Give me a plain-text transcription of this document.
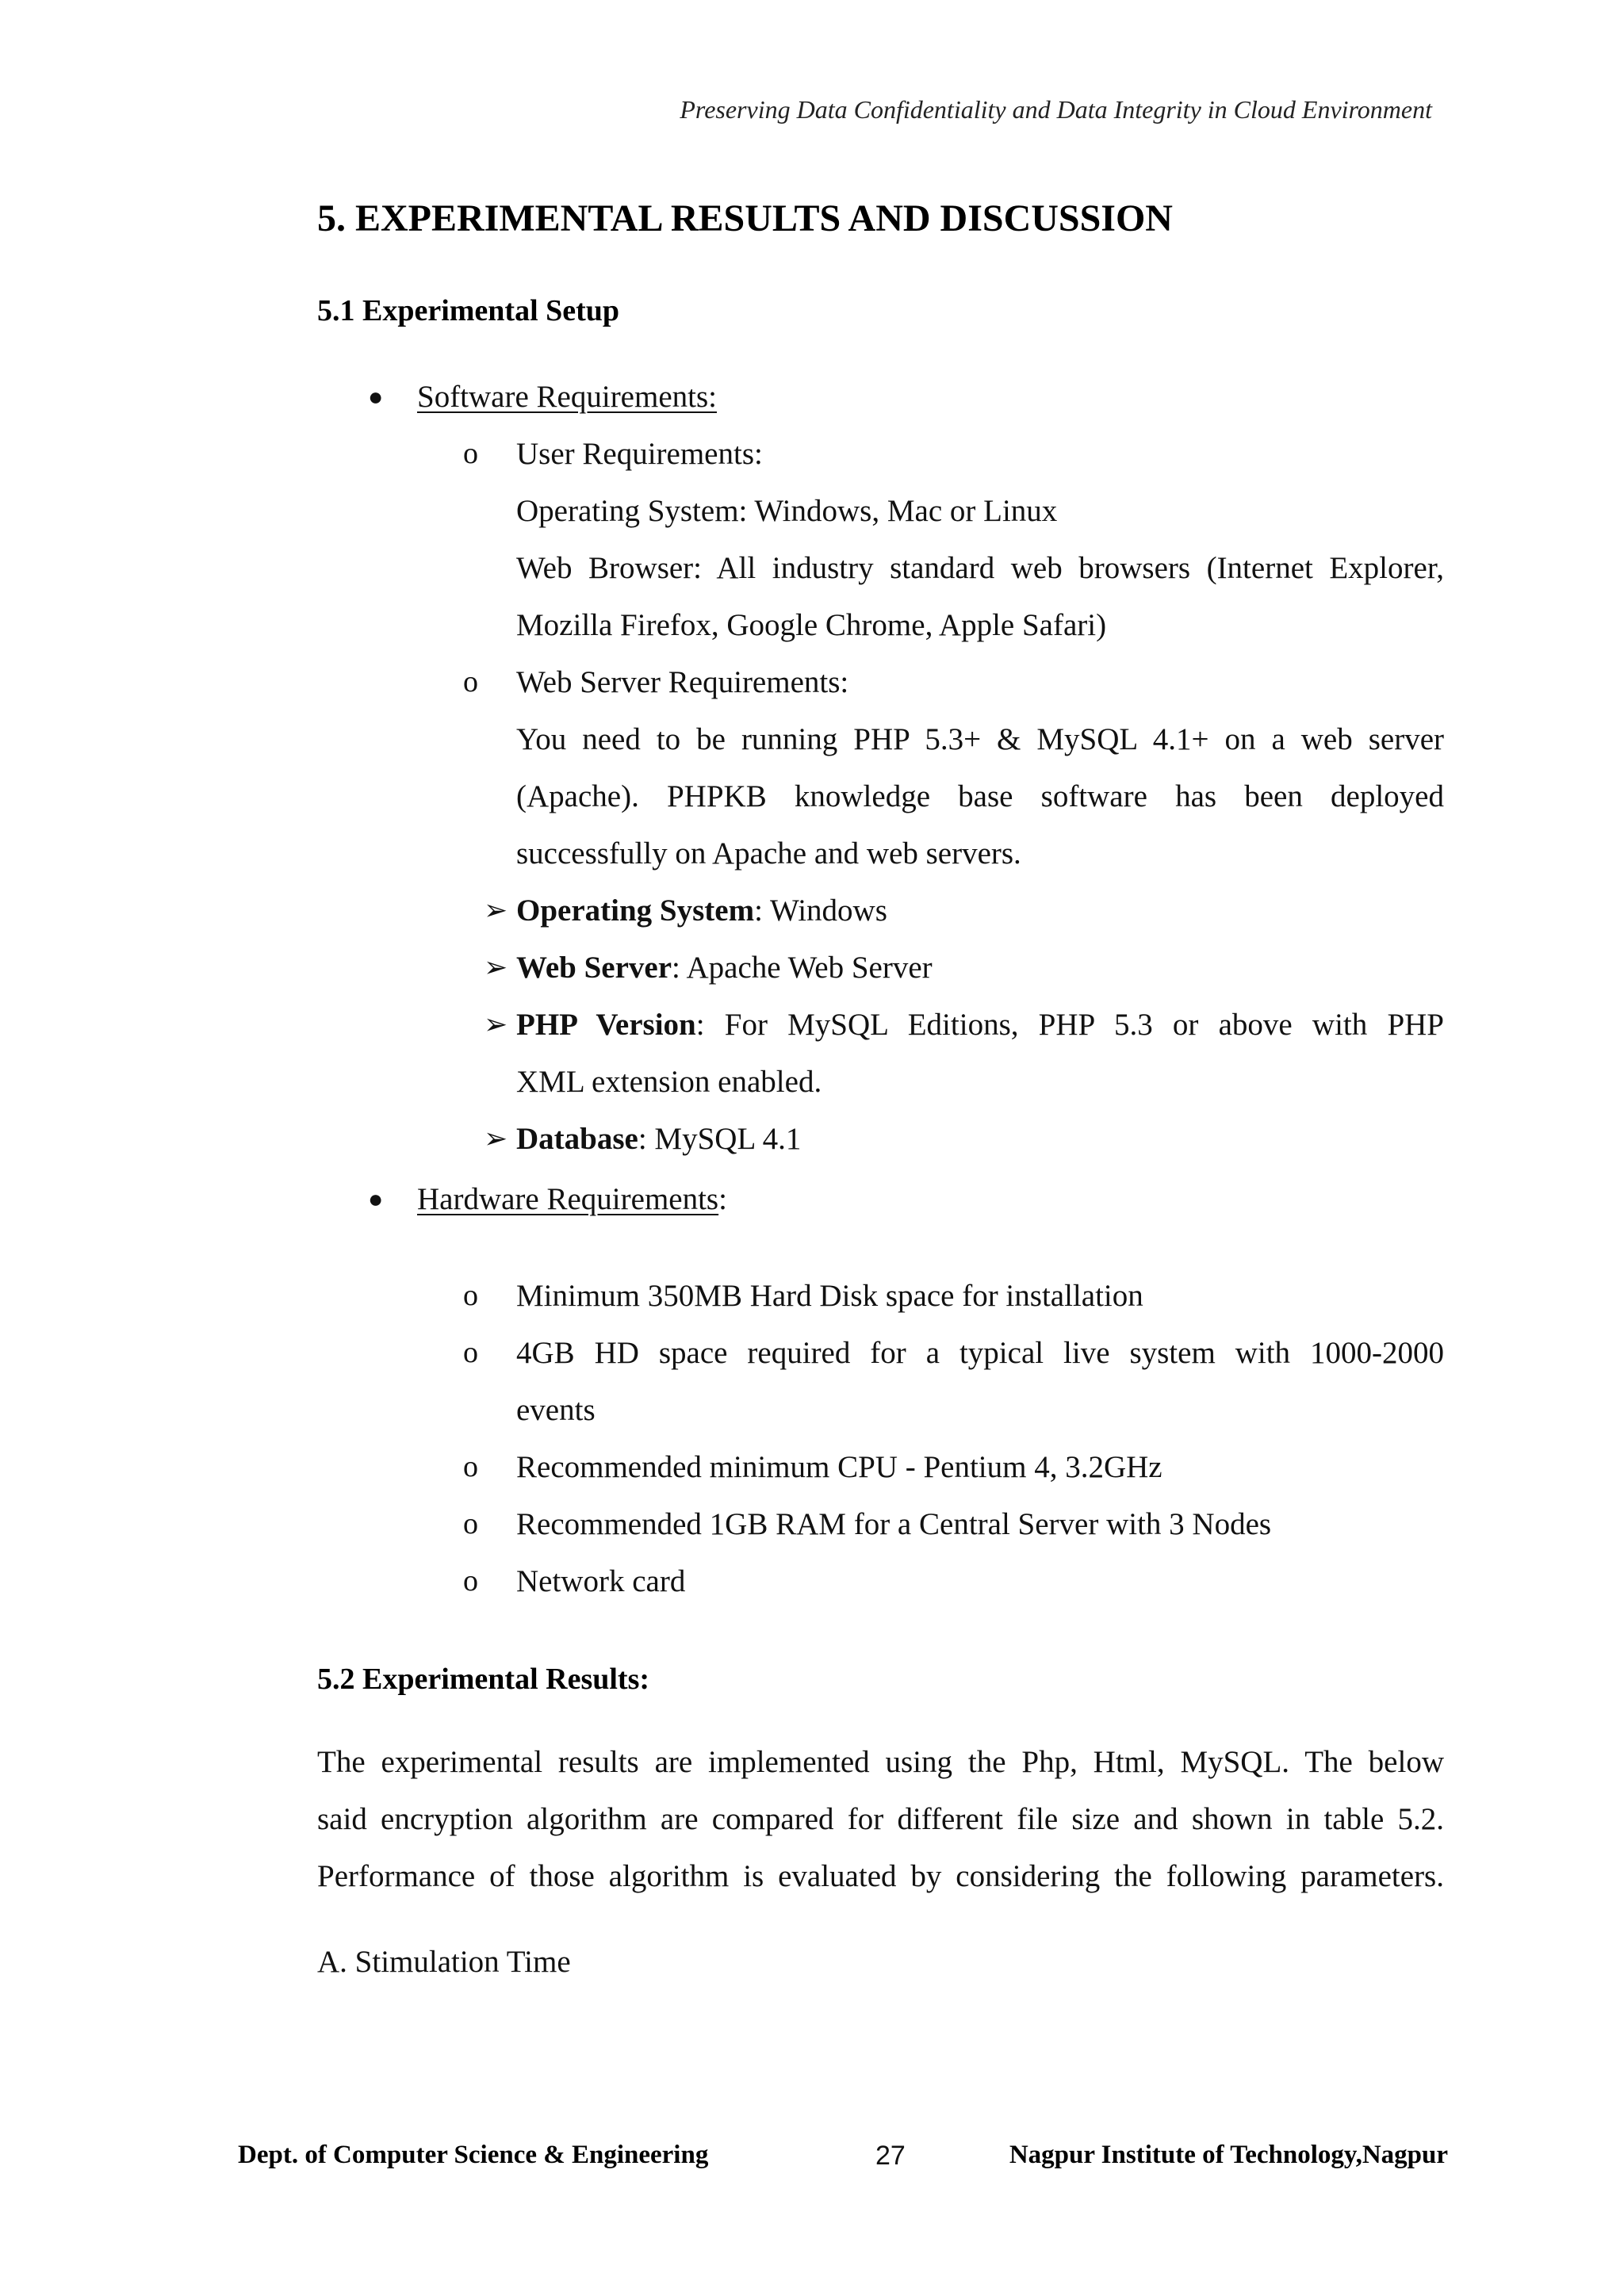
Preserving Data Confidentiality and Data Integrity in Cloud Environment
5. EXPERIMENTAL RESULTS AND DISCUSSION
5.1 Experimental Setup
● Software Requirements:
o User Requirements:
Operating System: Windows, Mac or Linux
Web Browser: All industry standard web browsers (Internet Explorer,
Mozilla Firefox, Google Chrome, Apple Safari)
o Web Server Requirements:
You need to be running PHP 5.3+ & MySQL 4.1+ on a web server
(Apache). PHPKB knowledge base software has been deployed
successfully on Apache and web servers.
➢ Operating System: Windows
➢ Web Server: Apache Web Server
➢ PHP Version: For MySQL Editions, PHP 5.3 or above with PHP
XML extension enabled.
➢ Database: MySQL 4.1
● Hardware Requirements:
o Minimum 350MB Hard Disk space for installation
o 4GB HD space required for a typical live system with 1000-2000
events
o Recommended minimum CPU - Pentium 4, 3.2GHz
o Recommended 1GB RAM for a Central Server with 3 Nodes
o Network card
5.2 Experimental Results:
The experimental results are implemented using the Php, Html, MySQL. The below
said encryption algorithm are compared for different file size and shown in table 5.2.
Performance of those algorithm is evaluated by considering the following parameters.
A. Stimulation Time
Dept. of Computer Science & Engineering	27	Nagpur Institute of Technology,Nagpur
